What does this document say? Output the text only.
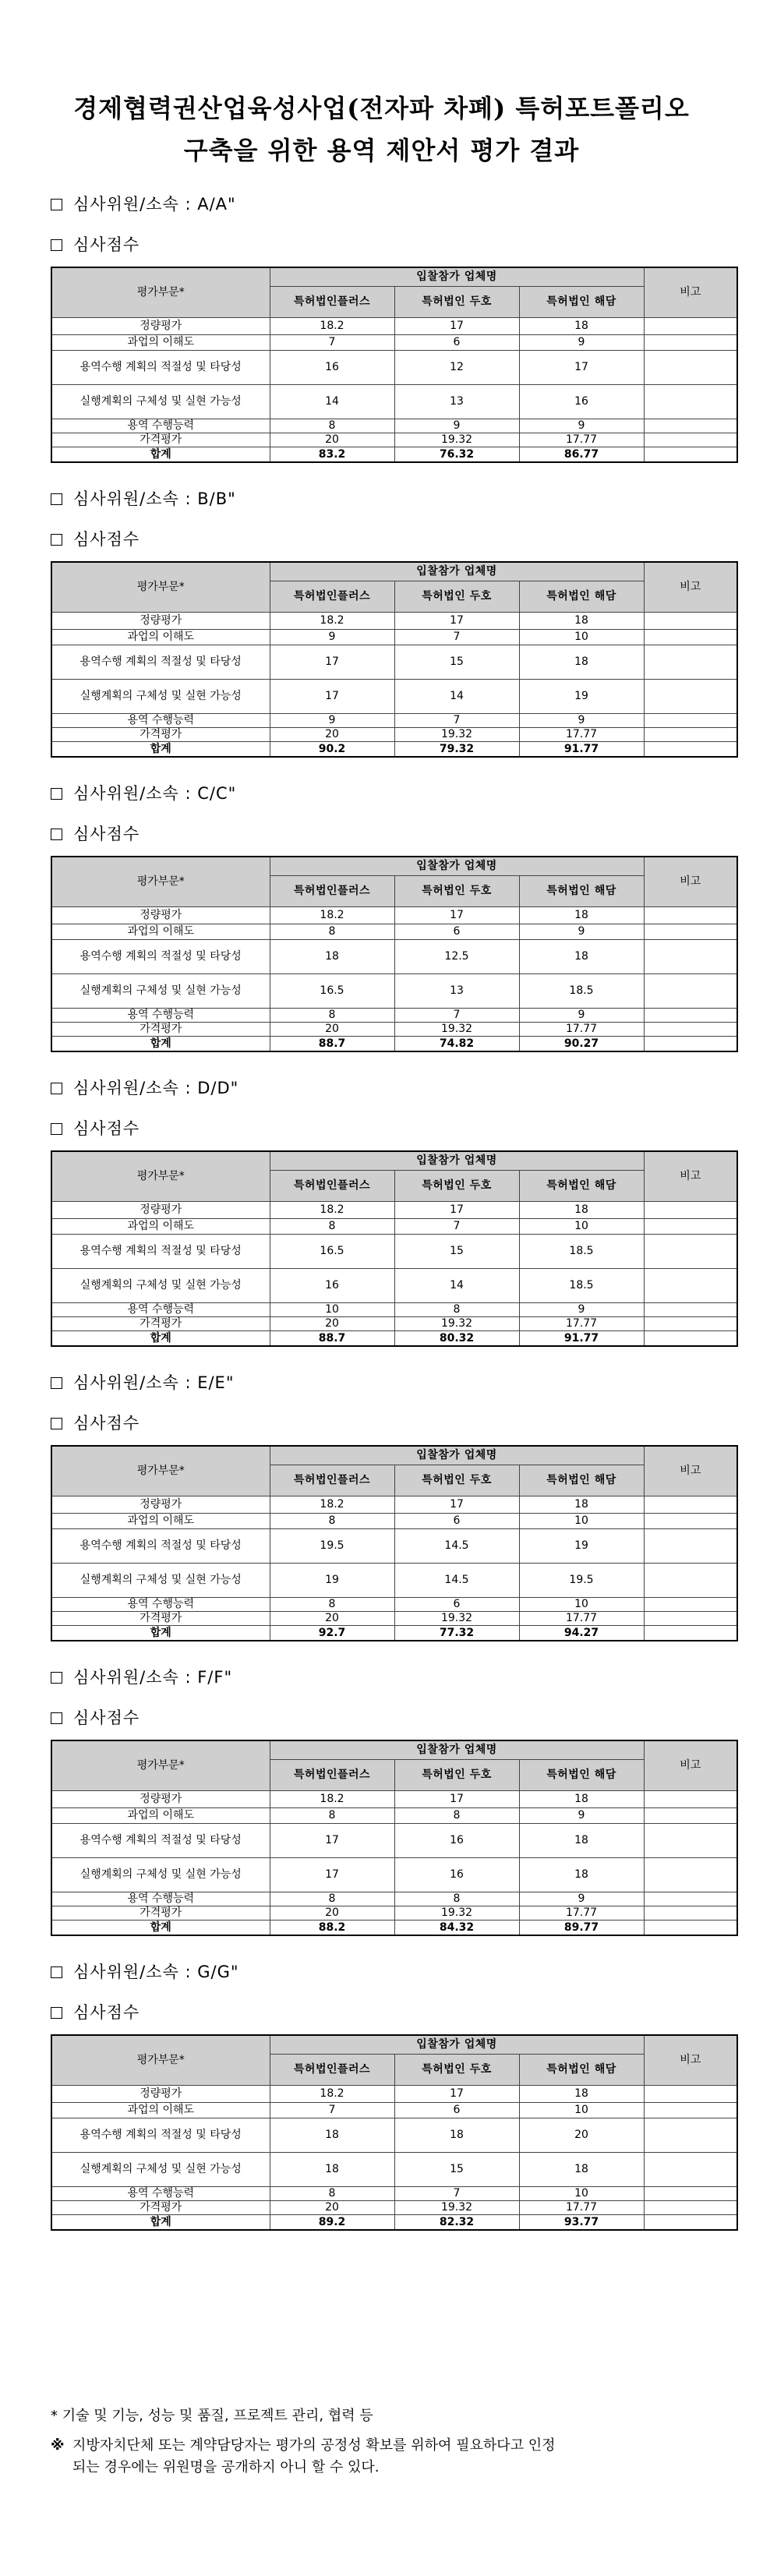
경제협력권산업육성사업(전자파 차폐) 특허포트폴리오
구축을 위한 용역 제안서 평가 결과
심사위원/소속 : A/A"
심사점수
평가부문*	입찰참가 업체명			비고
	특허법인플러스	특허법인 두호	특허법인 해담	
정량평가	18.2	17	18	
과업의 이해도	7	6	9	
용역수행 계획의 적절성 및 타당성	16	12	17	
실행계획의 구체성 및 실현 가능성	14	13	16	
용역 수행능력	8	9	9	
가격평가	20	19.32	17.77	
합계	83.2	76.32	86.77	
심사위원/소속 : B/B"
심사점수
평가부문*	입찰참가 업체명			비고
	특허법인플러스	특허법인 두호	특허법인 해담	
정량평가	18.2	17	18	
과업의 이해도	9	7	10	
용역수행 계획의 적절성 및 타당성	17	15	18	
실행계획의 구체성 및 실현 가능성	17	14	19	
용역 수행능력	9	7	9	
가격평가	20	19.32	17.77	
합계	90.2	79.32	91.77	
심사위원/소속 : C/C"
심사점수
평가부문*	입찰참가 업체명			비고
	특허법인플러스	특허법인 두호	특허법인 해담	
정량평가	18.2	17	18	
과업의 이해도	8	6	9	
용역수행 계획의 적절성 및 타당성	18	12.5	18	
실행계획의 구체성 및 실현 가능성	16.5	13	18.5	
용역 수행능력	8	7	9	
가격평가	20	19.32	17.77	
합계	88.7	74.82	90.27	
심사위원/소속 : D/D"
심사점수
평가부문*	입찰참가 업체명			비고
	특허법인플러스	특허법인 두호	특허법인 해담	
정량평가	18.2	17	18	
과업의 이해도	8	7	10	
용역수행 계획의 적절성 및 타당성	16.5	15	18.5	
실행계획의 구체성 및 실현 가능성	16	14	18.5	
용역 수행능력	10	8	9	
가격평가	20	19.32	17.77	
합계	88.7	80.32	91.77	
심사위원/소속 : E/E"
심사점수
평가부문*	입찰참가 업체명			비고
	특허법인플러스	특허법인 두호	특허법인 해담	
정량평가	18.2	17	18	
과업의 이해도	8	6	10	
용역수행 계획의 적절성 및 타당성	19.5	14.5	19	
실행계획의 구체성 및 실현 가능성	19	14.5	19.5	
용역 수행능력	8	6	10	
가격평가	20	19.32	17.77	
합계	92.7	77.32	94.27	
심사위원/소속 : F/F"
심사점수
평가부문*	입찰참가 업체명			비고
	특허법인플러스	특허법인 두호	특허법인 해담	
정량평가	18.2	17	18	
과업의 이해도	8	8	9	
용역수행 계획의 적절성 및 타당성	17	16	18	
실행계획의 구체성 및 실현 가능성	17	16	18	
용역 수행능력	8	8	9	
가격평가	20	19.32	17.77	
합계	88.2	84.32	89.77	
심사위원/소속 : G/G"
심사점수
평가부문*	입찰참가 업체명			비고
	특허법인플러스	특허법인 두호	특허법인 해담	
정량평가	18.2	17	18	
과업의 이해도	7	6	10	
용역수행 계획의 적절성 및 타당성	18	18	20	
실행계획의 구체성 및 실현 가능성	18	15	18	
용역 수행능력	8	7	10	
가격평가	20	19.32	17.77	
합계	89.2	82.32	93.77	
* 기술 및 기능, 성능 및 품질, 프로젝트 관리, 협력 등
※ 지방자치단체 또는 계약담당자는 평가의 공정성 확보를 위하여 필요하다고 인정
되는 경우에는 위원명을 공개하지 아니 할 수 있다.
